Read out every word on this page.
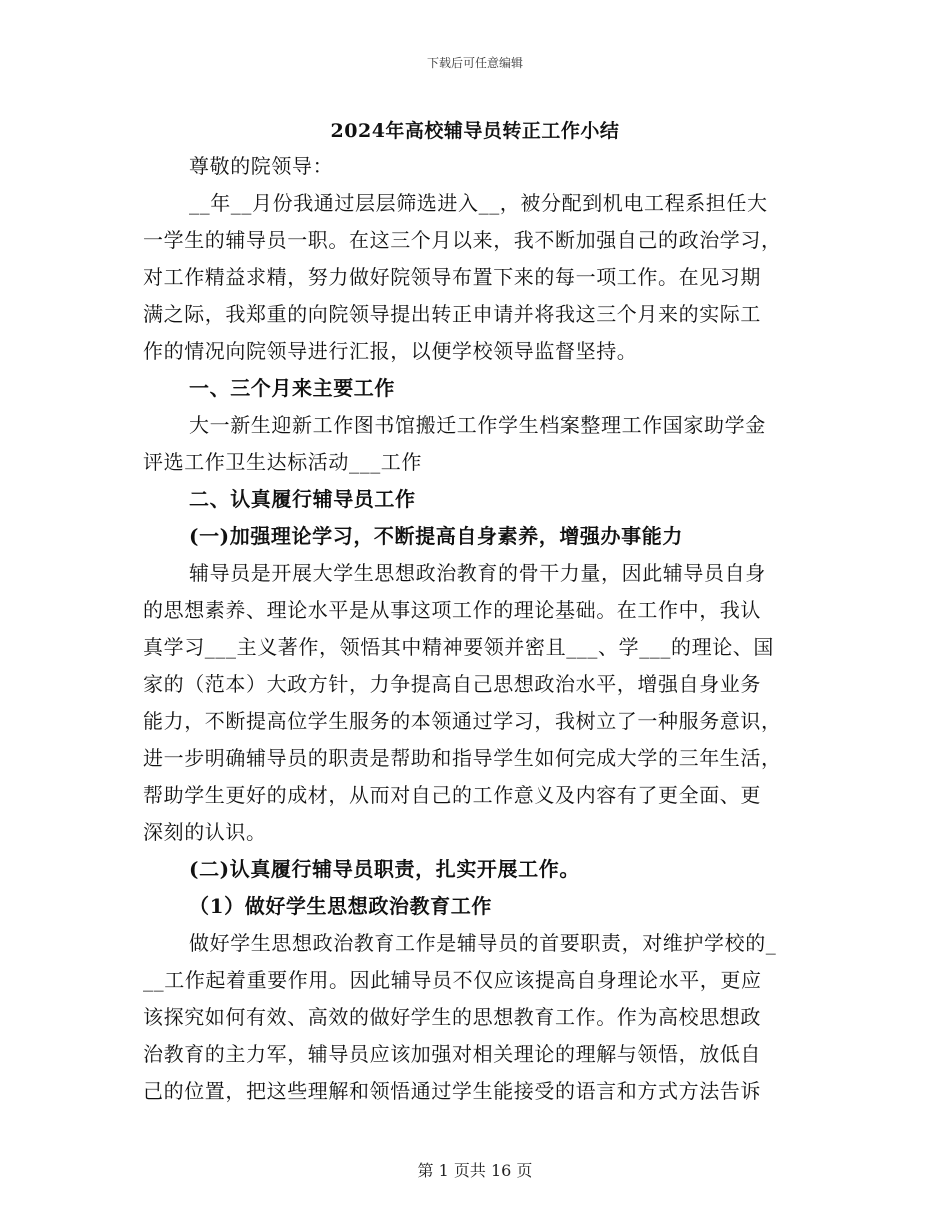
下载后可任意编辑
2024年高校辅导员转正工作小结
尊敬的院领导：
__年__月份我通过层层筛选进入__，被分配到机电工程系担任大
一学生的辅导员一职。在这三个月以来，我不断加强自己的政治学习，
对工作精益求精，努力做好院领导布置下来的每一项工作。在见习期
满之际，我郑重的向院领导提出转正申请并将我这三个月来的实际工
作的情况向院领导进行汇报，以便学校领导监督坚持。
一、三个月来主要工作
大一新生迎新工作图书馆搬迁工作学生档案整理工作国家助学金
评选工作卫生达标活动___工作
二、认真履行辅导员工作
(一)加强理论学习，不断提高自身素养，增强办事能力
辅导员是开展大学生思想政治教育的骨干力量，因此辅导员自身
的思想素养、理论水平是从事这项工作的理论基础。在工作中，我认
真学习___主义著作，领悟其中精神要领并密且___、学___的理论、国
家的（范本）大政方针，力争提高自己思想政治水平，增强自身业务
能力，不断提高位学生服务的本领通过学习，我树立了一种服务意识，
进一步明确辅导员的职责是帮助和指导学生如何完成大学的三年生活，
帮助学生更好的成材，从而对自己的工作意义及内容有了更全面、更
深刻的认识。
(二)认真履行辅导员职责，扎实开展工作。
（1）做好学生思想政治教育工作
做好学生思想政治教育工作是辅导员的首要职责，对维护学校的_
__工作起着重要作用。因此辅导员不仅应该提高自身理论水平，更应
该探究如何有效、高效的做好学生的思想教育工作。作为高校思想政
治教育的主力军，辅导员应该加强对相关理论的理解与领悟，放低自
己的位置，把这些理解和领悟通过学生能接受的语言和方式方法告诉
第 1 页共 16 页
